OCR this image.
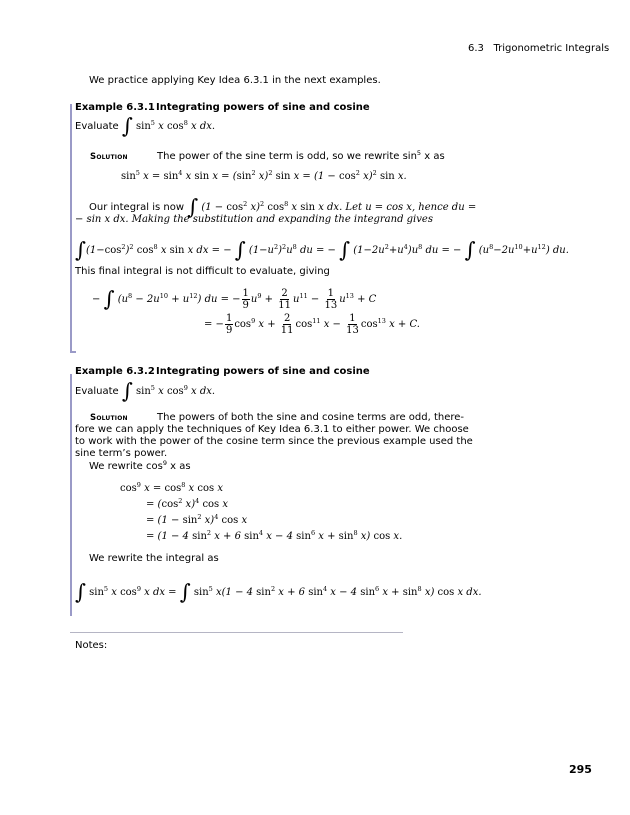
6.3 Trigonometric Integrals
We practice applying Key Idea 6.3.1 in the next examples.
Example 6.3.1 Integrating powers of sine and cosine
Evaluate ∫ $\sin^5 x$ $\cos^8 x$ dx.
Solution	The power of the sine term is odd, so we rewrite $\sin^5 x$ as
$\sin^5 x = \sin^4 x$ $\sin x = (\sin^2$ x)$^2$ $\sin x = (1 - \cos^2 x)^2$ sin x.
Our integral is now ∫ $(1 - \cos^2 x)^2$ $\cos^8 x$ sin x dx. Let u = cos x, hence du =
− sin x dx. Making the substitution and expanding the integrand gives
$\int(1-\cos^2)^2$ $\cos^8 x$ sin x dx = − ∫ $(1-u^2)^2u^8$ du = − ∫ $(1-2u^2+u^4)u^8$ du = − ∫ $(u^8-2u^{10}+u^{12})$ du.
This final integral is not difficult to evaluate, giving
− ∫ $(u^8 - 2u^{10} + u^{12})$ du = − $\frac{1}{9} u^9 + \frac{2}{11} u^{11} - \frac{1}{13} u^{13} + C$
= − $\frac{1}{9} \cos^9 x + \frac{2}{11} \cos^{11} x - \frac{1}{13} \cos^{13} x + C$.
Example 6.3.2 Integrating powers of sine and cosine
Evaluate ∫ $\sin^5 x$ $\cos^9 x$ dx.
Solution	The powers of both the sine and cosine terms are odd, there-
fore we can apply the techniques of Key Idea 6.3.1 to either power. We choose
to work with the power of the cosine term since the previous example used the
sine term’s power.
We rewrite $\cos^9 x$ as
$\cos^9 x = \cos^8 x$ cos x
= ($\cos^2$ x)$^4$ cos x
= $(1 - \sin^2 x)^4$ cos x
= (1 − 4 $\sin^2 x + 6$ $\sin^4 x - 4$ $\sin^6 x + \sin^8 x$) cos x.
We rewrite the integral as
∫ $\sin^5 x$ $\cos^9 x$ dx = ∫ $\sin^5 x(1 - 4$ $\sin^2 x + 6$ $\sin^4 x - 4$ $\sin^6 x + \sin^8 x$) cos x dx.
Notes:
295
